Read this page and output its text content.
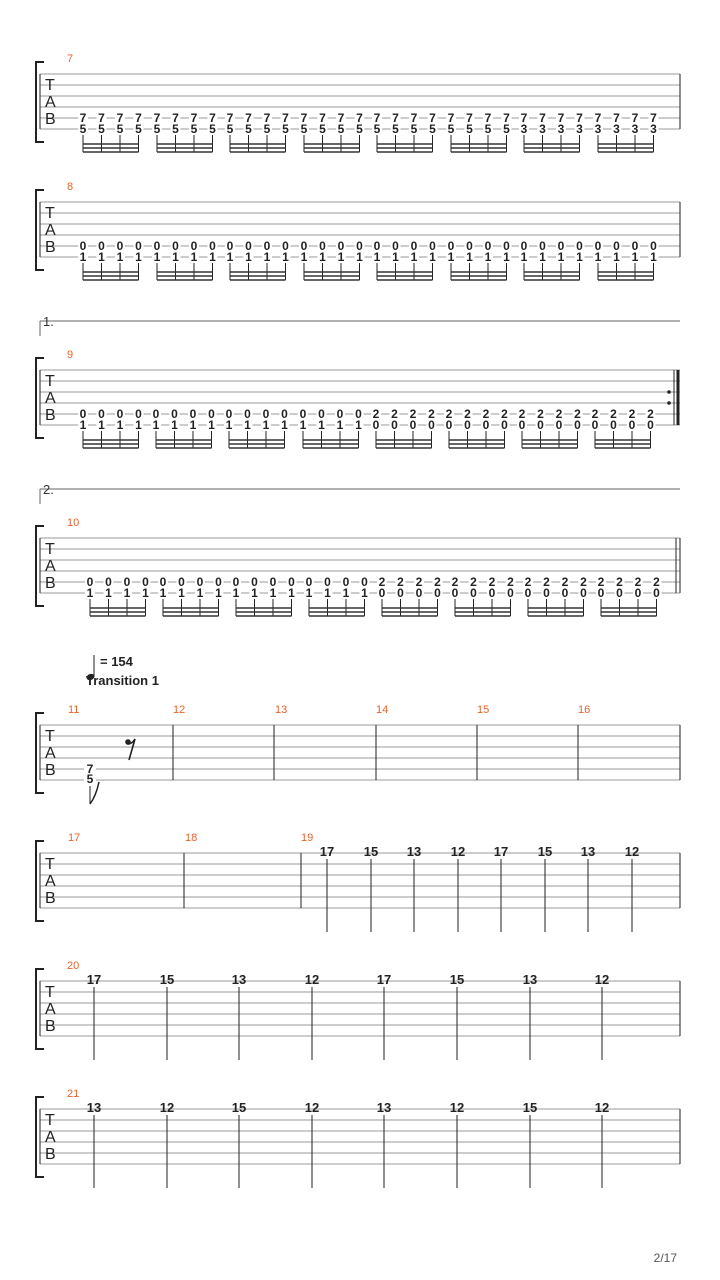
T
A
B
7
7
5
7
5
7
5
7
5
7
5
7
5
7
5
7
5
7
5
7
5
7
5
7
5
7
5
7
5
7
5
7
5
7
5
7
5
7
5
7
5
7
5
7
5
7
5
7
5
7
3
7
3
7
3
7
3
7
3
7
3
7
3
7
3
T
A
B
8
0
1
0
1
0
1
0
1
0
1
0
1
0
1
0
1
0
1
0
1
0
1
0
1
0
1
0
1
0
1
0
1
0
1
0
1
0
1
0
1
0
1
0
1
0
1
0
1
0
1
0
1
0
1
0
1
0
1
0
1
0
1
0
1
1.
T
A
B
9
0
1
0
1
0
1
0
1
0
1
0
1
0
1
0
1
0
1
0
1
0
1
0
1
0
1
0
1
0
1
0
1
2
0
2
0
2
0
2
0
2
0
2
0
2
0
2
0
2
0
2
0
2
0
2
0
2
0
2
0
2
0
2
0
2.
T
A
B
10
0
1
0
1
0
1
0
1
0
1
0
1
0
1
0
1
0
1
0
1
0
1
0
1
0
1
0
1
0
1
0
1
2
0
2
0
2
0
2
0
2
0
2
0
2
0
2
0
2
0
2
0
2
0
2
0
2
0
2
0
2
0
2
0
= 154
Transition 1
T
A
B
11	12	13	14	15	16
7
5
T
A
B
17	18	19
17 15 13 12 17 15 13 12
T
A
B
20
17	15	13	12	17	15	13	12
T
A
B
21
13	12	15	12	13	12	15	12
2/17
